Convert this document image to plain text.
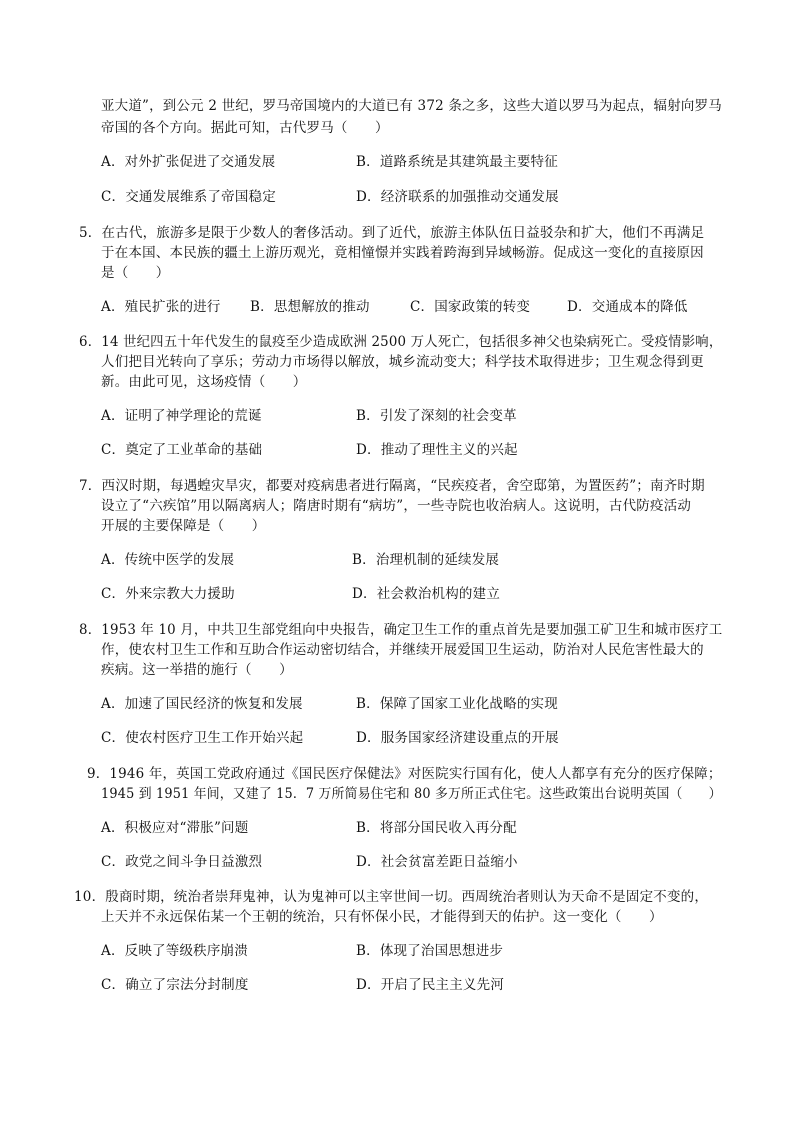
亚大道”，到公元 2 世纪，罗马帝国境内的大道已有 372 条之多，这些大道以罗马为起点，辐射向罗马
帝国的各个方向。据此可知，古代罗马（　　）
A．对外扩张促进了交通发展	B．道路系统是其建筑最主要特征
C．交通发展维系了帝国稳定	D．经济联系的加强推动交通发展
5．在古代，旅游多是限于少数人的奢侈活动。到了近代，旅游主体队伍日益驳杂和扩大，他们不再满足
于在本国、本民族的疆土上游历观光，竟相憧憬并实践着跨海到异域畅游。促成这一变化的直接原因
是（　　）
A．殖民扩张的进行 B．思想解放的推动	C．国家政策的转变	D．交通成本的降低
6．14 世纪四五十年代发生的鼠疫至少造成欧洲 2500 万人死亡，包括很多神父也染病死亡。受疫情影响，
人们把目光转向了享乐；劳动力市场得以解放，城乡流动变大；科学技术取得进步；卫生观念得到更
新。由此可见，这场疫情（　　）
A．证明了神学理论的荒诞	B．引发了深刻的社会变革
C．奠定了工业革命的基础	D．推动了理性主义的兴起
7．西汉时期，每遇蝗灾旱灾，都要对疫病患者进行隔离，“民疾疫者，舍空邸第，为置医药”；南齐时期
设立了“六疾馆”用以隔离病人；隋唐时期有“病坊”，一些寺院也收治病人。这说明，古代防疫活动
开展的主要保障是（　　）
A．传统中医学的发展	B．治理机制的延续发展
C．外来宗教大力援助	D．社会救治机构的建立
8．1953 年 10 月，中共卫生部党组向中央报告，确定卫生工作的重点首先是要加强工矿卫生和城市医疗工
作，使农村卫生工作和互助合作运动密切结合，并继续开展爱国卫生运动，防治对人民危害性最大的
疾病。这一举措的施行（　　）
A．加速了国民经济的恢复和发展	B．保障了国家工业化战略的实现
C．使农村医疗卫生工作开始兴起	D．服务国家经济建设重点的开展
9．1946 年，英国工党政府通过《国民医疗保健法》对医院实行国有化，使人人都享有充分的医疗保障；
1945 到 1951 年间，又建了 15．7 万所简易住宅和 80 多万所正式住宅。这些政策出台说明英国（　　）
A．积极应对“滞胀”问题	B．将部分国民收入再分配
C．政党之间斗争日益激烈	D．社会贫富差距日益缩小
10．殷商时期，统治者崇拜鬼神，认为鬼神可以主宰世间一切。西周统治者则认为天命不是固定不变的，
上天并不永远保佑某一个王朝的统治，只有怀保小民，才能得到天的佑护。这一变化（　　）
A．反映了等级秩序崩溃	B．体现了治国思想进步
C．确立了宗法分封制度	D．开启了民主主义先河
